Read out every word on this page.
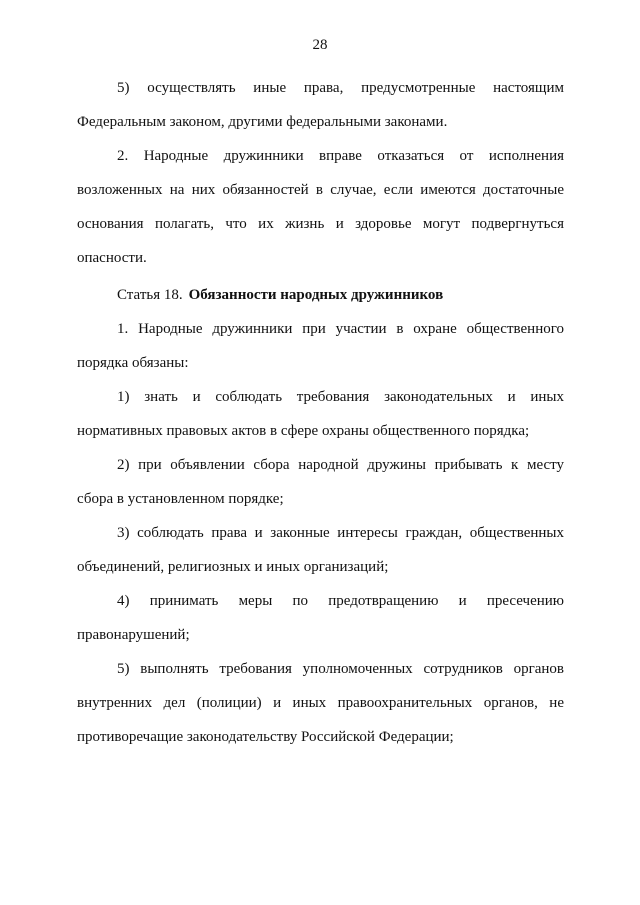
28

5) осуществлять иные права, предусмотренные настоящим Федеральным законом, другими федеральными законами.

2. Народные дружинники вправе отказаться от исполнения возложенных на них обязанностей в случае, если имеются достаточные основания полагать, что их жизнь и здоровье могут подвергнуться опасности.

Статья 18. Обязанности народных дружинников

1. Народные дружинники при участии в охране общественного порядка обязаны:

1) знать и соблюдать требования законодательных и иных нормативных правовых актов в сфере охраны общественного порядка;

2) при объявлении сбора народной дружины прибывать к месту сбора в установленном порядке;

3) соблюдать права и законные интересы граждан, общественных объединений, религиозных и иных организаций;

4) принимать меры по предотвращению и пресечению правонарушений;

5) выполнять требования уполномоченных сотрудников органов внутренних дел (полиции) и иных правоохранительных органов, не противоречащие законодательству Российской Федерации;
